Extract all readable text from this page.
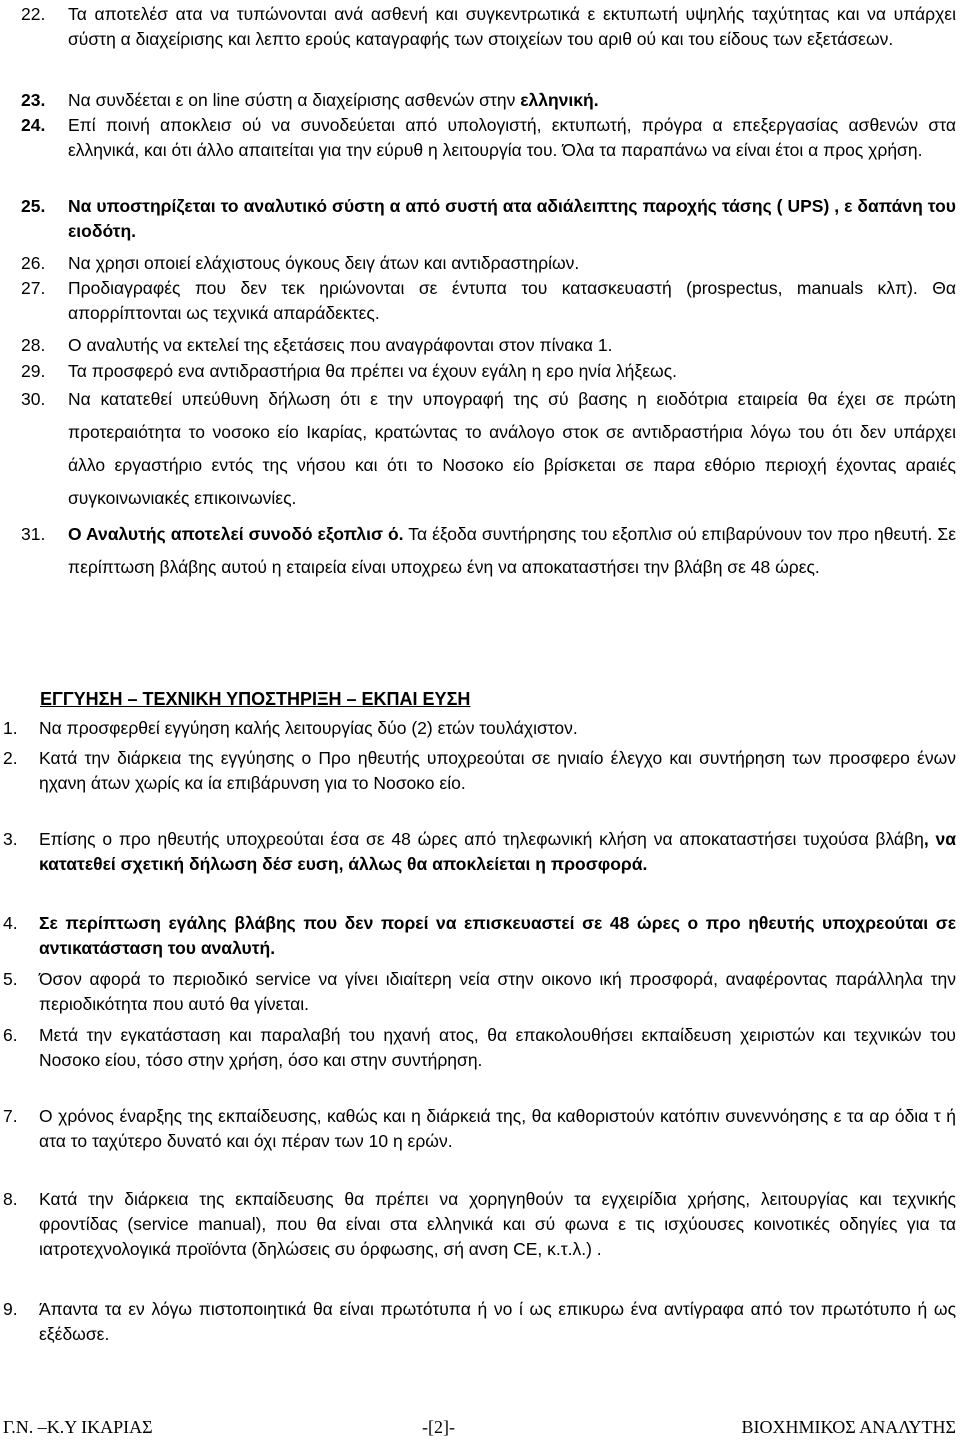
22.	Τα αποτελέσ ατα να τυπώνονται ανά ασθενή και συγκεντρωτικά ε εκτυπωτή υψηλής ταχύτητας και να υπάρχει σύστη α διαχείρισης και λεπτο ερούς καταγραφής των στοιχείων του αριθ ού και του είδους των εξετάσεων.
23.	Να συνδέεται ε on line σύστη α διαχείρισης ασθενών στην ελληνική.
24.	Επί ποινή αποκλεισ ού να συνοδεύεται από υπολογιστή, εκτυπωτή, πρόγρα α επεξεργασίας ασθενών στα ελληνικά, και ότι άλλο απαιτείται για την εύρυθ η λειτουργία του. Όλα τα παραπάνω να είναι έτοι α προς χρήση.
25.	Να υποστηρίζεται το αναλυτικό σύστη α από συστή ατα αδιάλειπτης παροχής τάσης ( UPS) , ε δαπάνη του ειοδότη.
26.	Να χρησι οποιεί ελάχιστους όγκους δειγ άτων και αντιδραστηρίων.
27.	Προδιαγραφές που δεν τεκ ηριώνονται σε έντυπα του κατασκευαστή (prospectus, manuals κλπ). Θα απορρίπτονται ως τεχνικά απαράδεκτες.
28.	Ο αναλυτής να εκτελεί της εξετάσεις που αναγράφονται στον πίνακα 1.
29.	Τα προσφερό ενα αντιδραστήρια θα πρέπει να έχουν εγάλη η ερο ηνία λήξεως.
30.	Να κατατεθεί υπεύθυνη δήλωση ότι ε την υπογραφή της σύ βασης η ειοδότρια εταιρεία θα έχει σε πρώτη προτεραιότητα το νοσοκο είο Ικαρίας, κρατώντας το ανάλογο στοκ σε αντιδραστήρια λόγω του ότι δεν υπάρχει άλλο εργαστήριο εντός της νήσου και ότι το Νοσοκο είο βρίσκεται σε παρα εθόριο περιοχή έχοντας αραιές συγκοινωνιακές επικοινωνίες.
31.	Ο Αναλυτής αποτελεί συνοδό εξοπλισ ό. Τα έξοδα συντήρησης του εξοπλισ ού επιβαρύνουν τον προ ηθευτή. Σε περίπτωση βλάβης αυτού η εταιρεία είναι υποχρεω ένη να αποκαταστήσει την βλάβη σε 48 ώρες.
ΕΓΓΥΗΣΗ – ΤΕΧΝΙΚΗ ΥΠΟΣΤΗΡΙΞΗ – ΕΚΠΑΙ ΕΥΣΗ
1.	Να προσφερθεί εγγύηση καλής λειτουργίας δύο (2) ετών τουλάχιστον.
2.	Κατά την διάρκεια της εγγύησης ο Προ ηθευτής υποχρεούται σε ηνιαίο έλεγχο και συντήρηση των προσφερο ένων ηχανη άτων χωρίς κα ία επιβάρυνση για το Νοσοκο είο.
3.	Επίσης ο προ ηθευτής υποχρεούται έσα σε 48 ώρες από τηλεφωνική κλήση να αποκαταστήσει τυχούσα βλάβη, να κατατεθεί σχετική δήλωση δέσ ευση, άλλως θα αποκλείεται η προσφορά.
4.	Σε περίπτωση εγάλης βλάβης που δεν πορεί να επισκευαστεί σε 48 ώρες ο προ ηθευτής υποχρεούται σε αντικατάσταση του αναλυτή.
5.	Όσον αφορά το περιοδικό service να γίνει ιδιαίτερη νεία στην οικονο ική προσφορά, αναφέροντας παράλληλα την περιοδικότητα που αυτό θα γίνεται.
6.	Μετά την εγκατάσταση και παραλαβή του ηχανή ατος, θα επακολουθήσει εκπαίδευση χειριστών και τεχνικών του Νοσοκο είου, τόσο στην χρήση, όσο και στην συντήρηση.
7.	Ο χρόνος έναρξης της εκπαίδευσης, καθώς και η διάρκειά της, θα καθοριστούν κατόπιν συνεννόησης ε τα αρ όδια τ ή ατα το ταχύτερο δυνατό και όχι πέραν των 10 η ερών.
8.	Κατά την διάρκεια της εκπαίδευσης θα πρέπει να χορηγηθούν τα εγχειρίδια χρήσης, λειτουργίας και τεχνικής φροντίδας (service manual), που θα είναι στα ελληνικά και σύ φωνα ε τις ισχύουσες κοινοτικές οδηγίες για τα ιατροτεχνολογικά προϊόντα (δηλώσεις συ όρφωσης, σή ανση CE, κ.τ.λ.) .
9.	Άπαντα τα εν λόγω πιστοποιητικά θα είναι πρωτότυπα ή νο ί ως επικυρω ένα αντίγραφα από τον πρωτότυπο ή ως εξέδωσε.
Γ.Ν. –Κ.Υ ΙΚΑΡΙΑΣ	-[2]-	ΒΙΟΧΗΜΙΚΟΣ ΑΝΑΛΥΤΗΣ
